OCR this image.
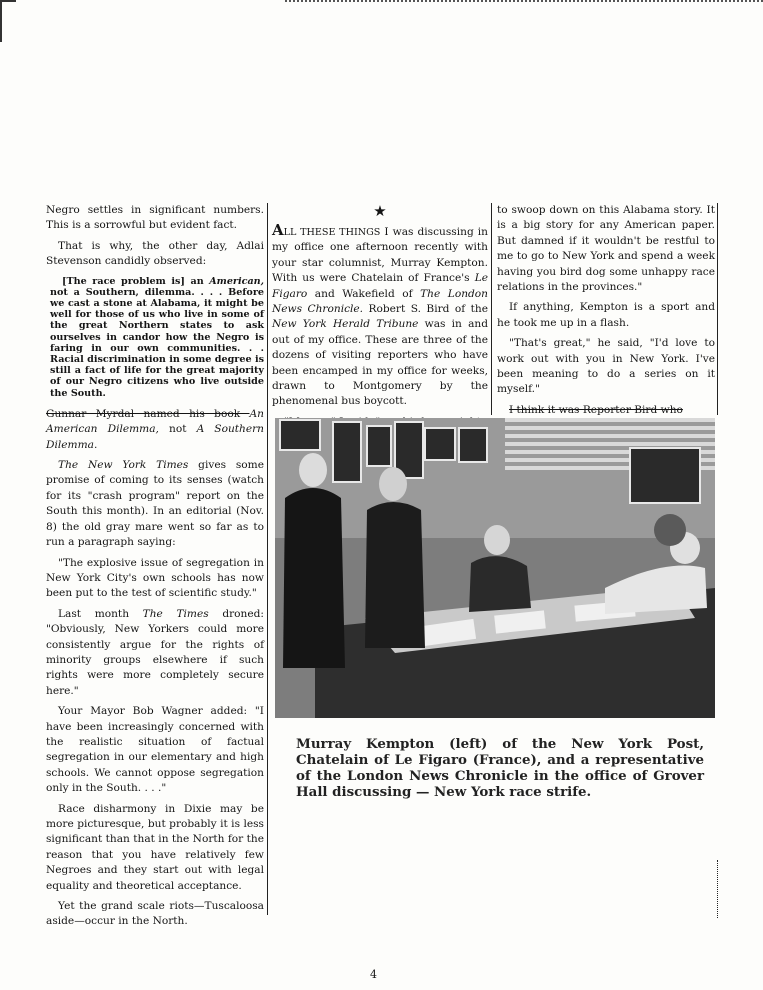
Negro settles in significant numbers. This is a sorrowful but evident fact.

That is why, the other day, Adlai Stevenson candidly observed:

[The race problem is] an American, not a Southern, dilemma. . . . Before we cast a stone at Alabama, it might be well for those of us who live in some of the great Northern states to ask ourselves in candor how the Negro is faring in our own communities. . . Racial discrimination in some degree is still a fact of life for the great majority of our Negro citizens who live outside the South.

Gunnar Myrdal named his book An American Dilemma, not A Southern Dilemma.

The New York Times gives some promise of coming to its senses (watch for its "crash program" report on the South this month). In an editorial (Nov. 8) the old gray mare went so far as to run a paragraph saying:

"The explosive issue of segregation in New York City's own schools has now been put to the test of scientific study."

Last month The Times droned: "Obviously, New Yorkers could more consistently argue for the rights of minority groups elsewhere if such rights were more completely secure here."

Your Mayor Bob Wagner added: "I have been increasingly concerned with the realistic situation of factual segregation in our elementary and high schools. We cannot oppose segregation only in the South. . . ."

Race disharmony in Dixie may be more picturesque, but probably it is less significant than that in the North for the reason that you have relatively few Negroes and they start out with legal equality and theoretical acceptance.

Yet the grand scale riots—Tuscaloosa aside—occur in the North.

★

ALL THESE THINGS I was discussing in my office one afternoon recently with your star columnist, Murray Kempton. With us were Chatelain of France's Le Figaro and Wakefield of The London News Chronicle. Robert S. Bird of the New York Herald Tribune was in and out of my office. These are three of the dozens of visiting reporters who have been encamped in my office for weeks, drawn to Montgomery by the phenomenal bus boycott.

to swoop down on this Alabama story. It is a big story for any American paper. But damned if it wouldn't be restful to me to go to New York and spend a week having you bird dog some unhappy race relations in the provinces."

If anything, Kempton is a sport and he took me up in a flash.

"That's great," he said, "I'd love to work out with you in New York. I've been meaning to do a series on it myself."

I think it was Reporter Bird who

Murray Kempton (left) of the New York Post, Chatelain of Le Figaro (France), and a representative of the London News Chronicle in the office of Grover Hall discussing — New York race strife.
4
